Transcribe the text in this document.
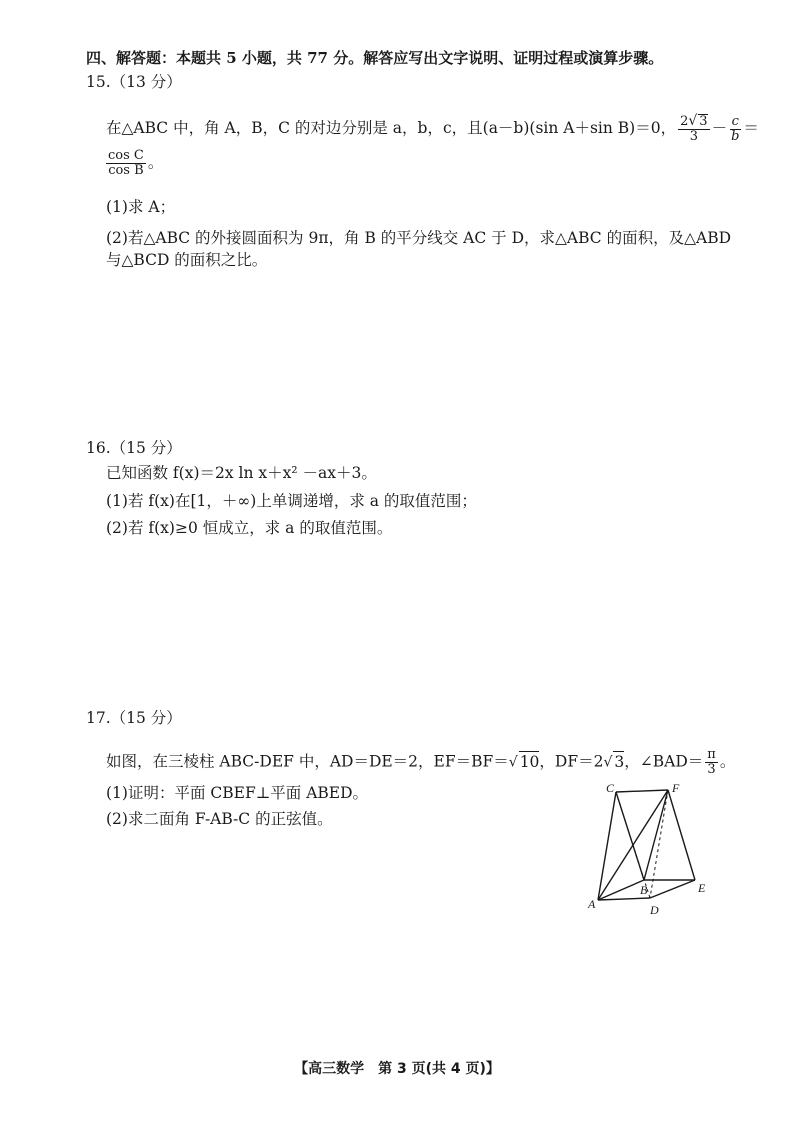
四、解答题：本题共 5 小题，共 77 分。解答应写出文字说明、证明过程或演算步骤。
15.（13 分）
在△ABC 中，角 A，B，C 的对边分别是 a，b，c，且(a－b)(sin A＋sin B)＝0， $\frac{2√ 3}{3} - \frac{c}{b}$ ＝
$\frac{\text{cos C}}{\text{cos B}}$ 。
(1)求 A；
(2)若△ABC 的外接圆面积为 9π，角 B 的平分线交 AC 于 D，求△ABC 的面积，及△ABD
与△BCD 的面积之比。
16.（15 分）
已知函数 f(x)＝2x ln x＋x² －ax＋3。
(1)若 f(x)在[1，＋∞)上单调递增，求 a 的取值范围；
(2)若 f(x)≥0 恒成立，求 a 的取值范围。
17.（15 分）
如图，在三棱柱 ABC-DEF 中，AD＝DE＝2，EF＝BF＝√ 10，DF＝2√ 3，∠BAD＝ $\frac{\pi}{3}$ 。
(1)证明：平面 CBEF⊥平面 ABED。
(2)求二面角 F-AB-C 的正弦值。
C	F
B	E
A	D
【高三数学　第 3 页(共 4 页)】
